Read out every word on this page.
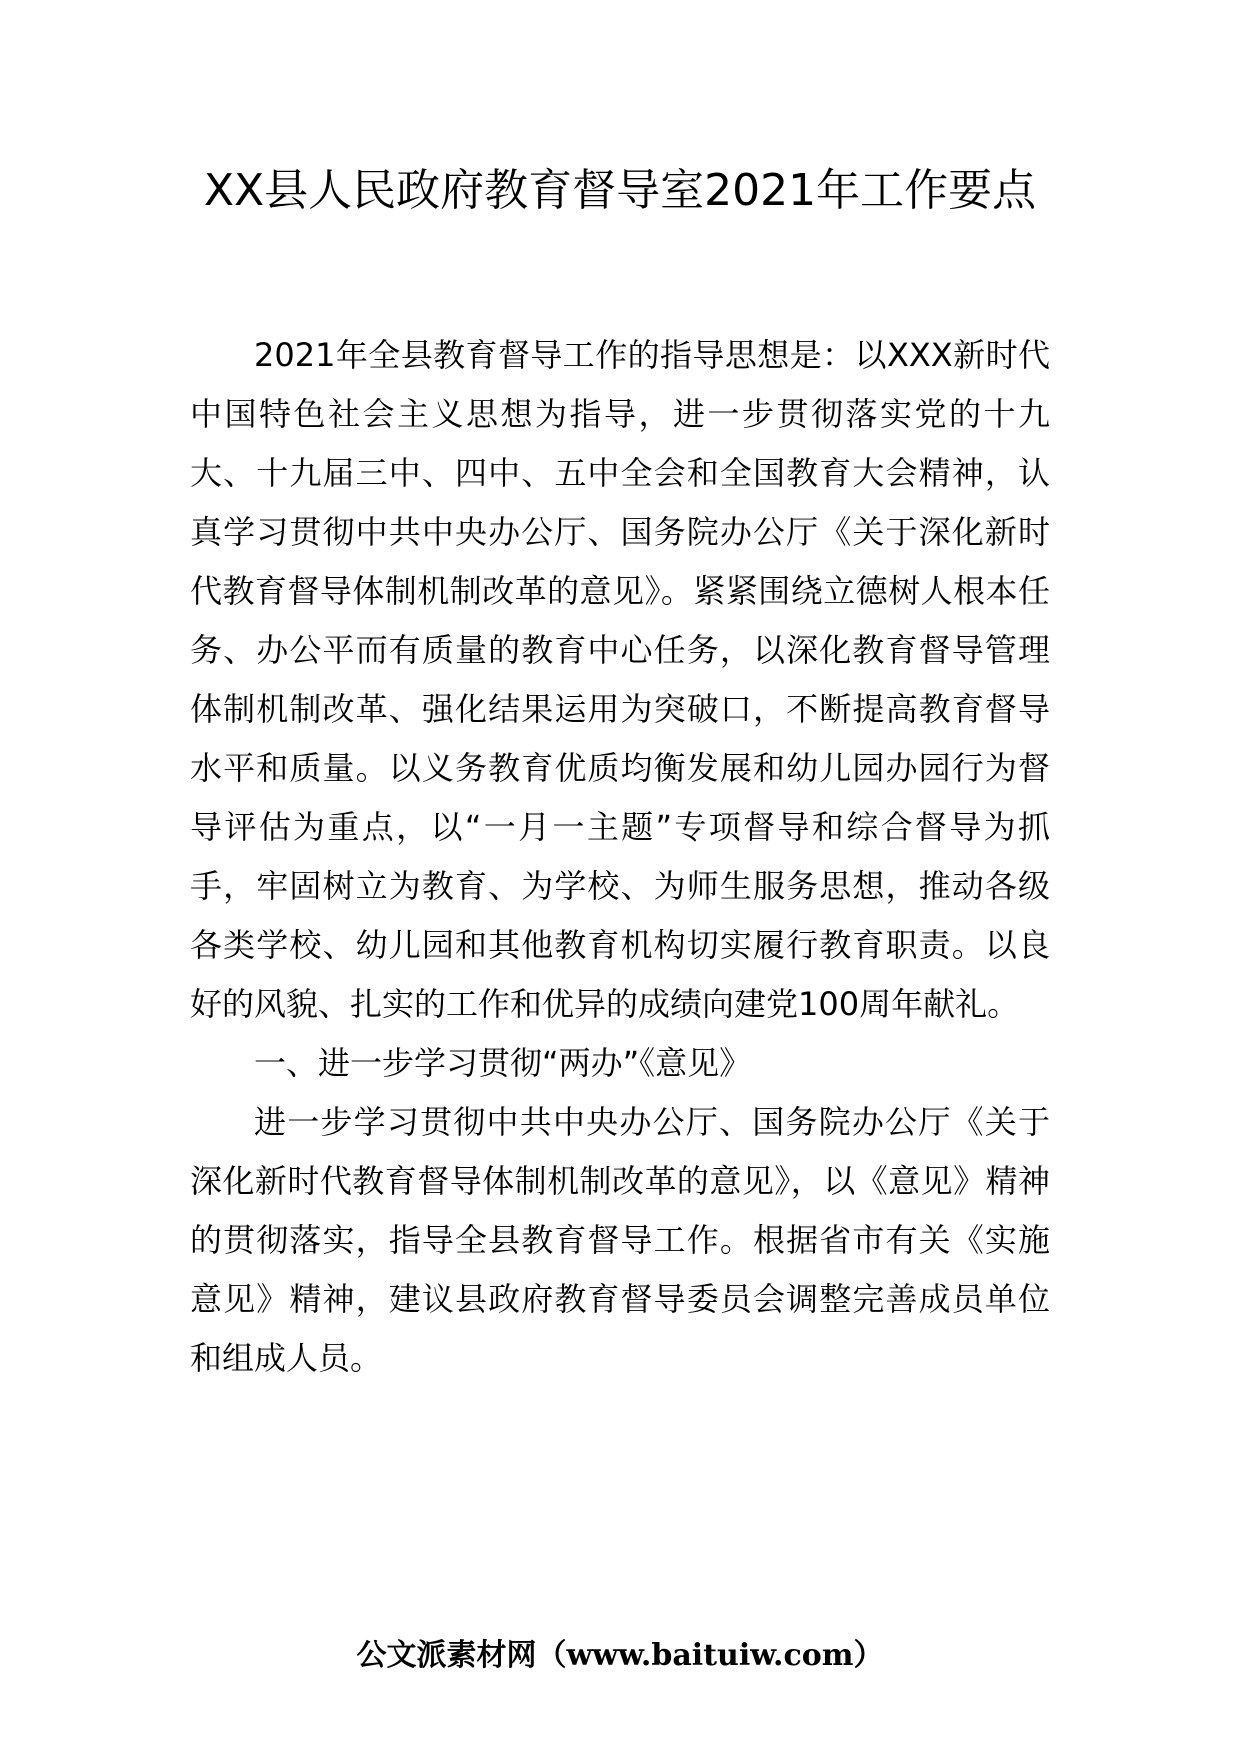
XX县人民政府教育督导室2021年工作要点

2021年全县教育督导工作的指导思想是：以XXX新时代中国特色社会主义思想为指导，进一步贯彻落实党的十九大、十九届三中、四中、五中全会和全国教育大会精神，认真学习贯彻中共中央办公厅、国务院办公厅《关于深化新时代教育督导体制机制改革的意见》。紧紧围绕立德树人根本任务、办公平而有质量的教育中心任务，以深化教育督导管理体制机制改革、强化结果运用为突破口，不断提高教育督导水平和质量。以义务教育优质均衡发展和幼儿园办园行为督导评估为重点，以“一月一主题”专项督导和综合督导为抓手，牢固树立为教育、为学校、为师生服务思想，推动各级各类学校、幼儿园和其他教育机构切实履行教育职责。以良好的风貌、扎实的工作和优异的成绩向建党100周年献礼。

一、进一步学习贯彻“两办”《意见》

进一步学习贯彻中共中央办公厅、国务院办公厅《关于深化新时代教育督导体制机制改革的意见》，以《意见》精神的贯彻落实，指导全县教育督导工作。根据省市有关《实施意见》精神，建议县政府教育督导委员会调整完善成员单位和组成人员。

公文派素材网（www.baituiw.com）
